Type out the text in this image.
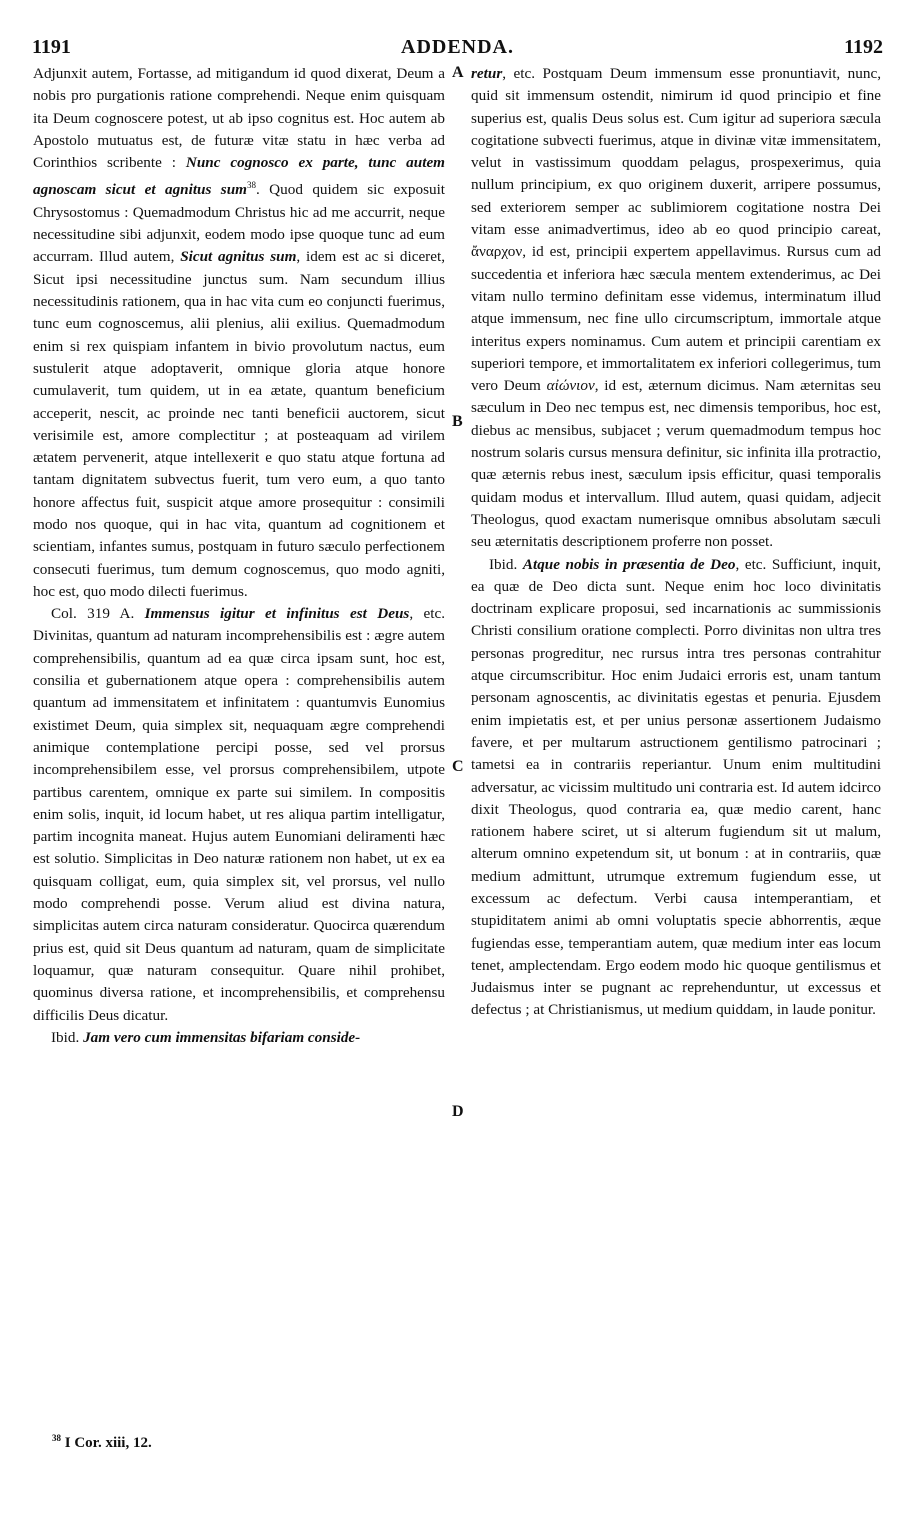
1191	ADDENDA.	1192
A
B
C
D

Adjunxit autem, Fortasse, ad mitigandum id quod dixerat, Deum a nobis pro purgationis ratione comprehendi. Neque enim quisquam ita Deum cognoscere potest, ut ab ipso cognitus est. Hoc autem ab Apostolo mutuatus est, de futuræ vitæ statu in hæc verba ad Corinthios scribente : Nunc cognosco ex parte, tunc autem agnoscam sicut et agnitus sum$^{38}$. Quod quidem sic exposuit Chrysostomus : Quemadmodum Christus hic ad me accurrit, neque necessitudine sibi adjunxit, eodem modo ipse quoque tunc ad eum accurram. Illud autem, Sicut agnitus sum, idem est ac si diceret, Sicut ipsi necessitudine junctus sum. Nam secundum illius necessitudinis rationem, qua in hac vita cum eo conjuncti fuerimus, tunc eum cognoscemus, alii plenius, alii exilius. Quemadmodum enim si rex quispiam infantem in bivio provolutum nactus, eum sustulerit atque adoptaverit, omnique gloria atque honore cumulaverit, tum quidem, ut in ea ætate, quantum beneficium acceperit, nescit, ac proinde nec tanti beneficii auctorem, sicut verisimile est, amore complectitur ; at posteaquam ad virilem ætatem pervenerit, atque intellexerit e quo statu atque fortuna ad tantam dignitatem subvectus fuerit, tum vero eum, a quo tanto honore affectus fuit, suspicit atque amore prosequitur : consimili modo nos quoque, qui in hac vita, quantum ad cognitionem et scientiam, infantes sumus, postquam in futuro sæculo perfectionem consecuti fuerimus, tum demum cognoscemus, quo modo agniti, hoc est, quo modo dilecti fuerimus.

Col. 319 A. Immensus igitur et infinitus est Deus, etc. Divinitas, quantum ad naturam incomprehensibilis est : ægre autem comprehensibilis, quantum ad ea quæ circa ipsam sunt, hoc est, consilia et gubernationem atque opera : comprehensibilis autem quantum ad immensitatem et infinitatem : quantumvis Eunomius existimet Deum, quia simplex sit, nequaquam ægre comprehendi animique contemplatione percipi posse, sed vel prorsus incomprehensibilem esse, vel prorsus comprehensibilem, utpote partibus carentem, omnique ex parte sui similem. In compositis enim solis, inquit, id locum habet, ut res aliqua partim intelligatur, partim incognita maneat. Hujus autem Eunomiani deliramenti hæc est solutio. Simplicitas in Deo naturæ rationem non habet, ut ex ea quisquam colligat, eum, quia simplex sit, vel prorsus, vel nullo modo comprehendi posse. Verum aliud est divina natura, simplicitas autem circa naturam consideratur. Quocirca quærendum prius est, quid sit Deus quantum ad naturam, quam de simplicitate loquamur, quæ naturam consequitur. Quare nihil prohibet, quominus diversa ratione, et incomprehensibilis, et comprehensu difficilis Deus dicatur.

Ibid. Jam vero cum immensitas bifariam conside-

retur, etc. Postquam Deum immensum esse pronuntiavit, nunc, quid sit immensum ostendit, nimirum id quod principio et fine superius est, qualis Deus solus est. Cum igitur ad superiora sæcula cogitatione subvecti fuerimus, atque in divinæ vitæ immensitatem, velut in vastissimum quoddam pelagus, prospexerimus, quia nullum principium, ex quo originem duxerit, arripere possumus, sed exteriorem semper ac sublimiorem cogitatione nostra Dei vitam esse animadvertimus, ideo ab eo quod principio careat, ἄναρχον, id est, principii expertem appellavimus. Rursus cum ad succedentia et inferiora hæc sæcula mentem extenderimus, ac Dei vitam nullo termino definitam esse videmus, interminatum illud atque immensum, nec fine ullo circumscriptum, immortale atque interitus expers nominamus. Cum autem et principii carentiam ex superiori tempore, et immortalitatem ex inferiori collegerimus, tum vero Deum αἰώνιον, id est, æternum dicimus. Nam æternitas seu sæculum in Deo nec tempus est, nec dimensis temporibus, hoc est, diebus ac mensibus, subjacet ; verum quemadmodum tempus hoc nostrum solaris cursus mensura definitur, sic infinita illa protractio, quæ æternis rebus inest, sæculum ipsis efficitur, quasi temporalis quidam modus et intervallum. Illud autem, quasi quidam, adjecit Theologus, quod exactam numerisque omnibus absolutam sæculi seu æternitatis descriptionem proferre non posset.

Ibid. Atque nobis in præsentia de Deo, etc. Sufficiunt, inquit, ea quæ de Deo dicta sunt. Neque enim hoc loco divinitatis doctrinam explicare proposui, sed incarnationis ac summissionis Christi consilium oratione complecti. Porro divinitas non ultra tres personas progreditur, nec rursus intra tres personas contrahitur atque circumscribitur. Hoc enim Judaici erroris est, unam tantum personam agnoscentis, ac divinitatis egestas et penuria. Ejusdem enim impietatis est, et per unius personæ assertionem Judaismo favere, et per multarum astructionem gentilismo patrocinari ; tametsi ea in contrariis reperiantur. Unum enim multitudini adversatur, ac vicissim multitudo uni contraria est. Id autem idcirco dixit Theologus, quod contraria ea, quæ medio carent, hanc rationem habere sciret, ut si alterum fugiendum sit ut malum, alterum omnino expetendum sit, ut bonum : at in contrariis, quæ medium admittunt, utrumque extremum fugiendum esse, ut excessum ac defectum. Verbi causa intemperantiam, et stupiditatem animi ab omni voluptatis specie abhorrentis, æque fugiendas esse, temperantiam autem, quæ medium inter eas locum tenet, amplectendam. Ergo eodem modo hic quoque gentilismus et Judaismus inter se pugnant ac reprehenduntur, ut excessus et defectus ; at Christianismus, ut medium quiddam, in laude ponitur.

$^{38}$ I Cor. xiii, 12.
